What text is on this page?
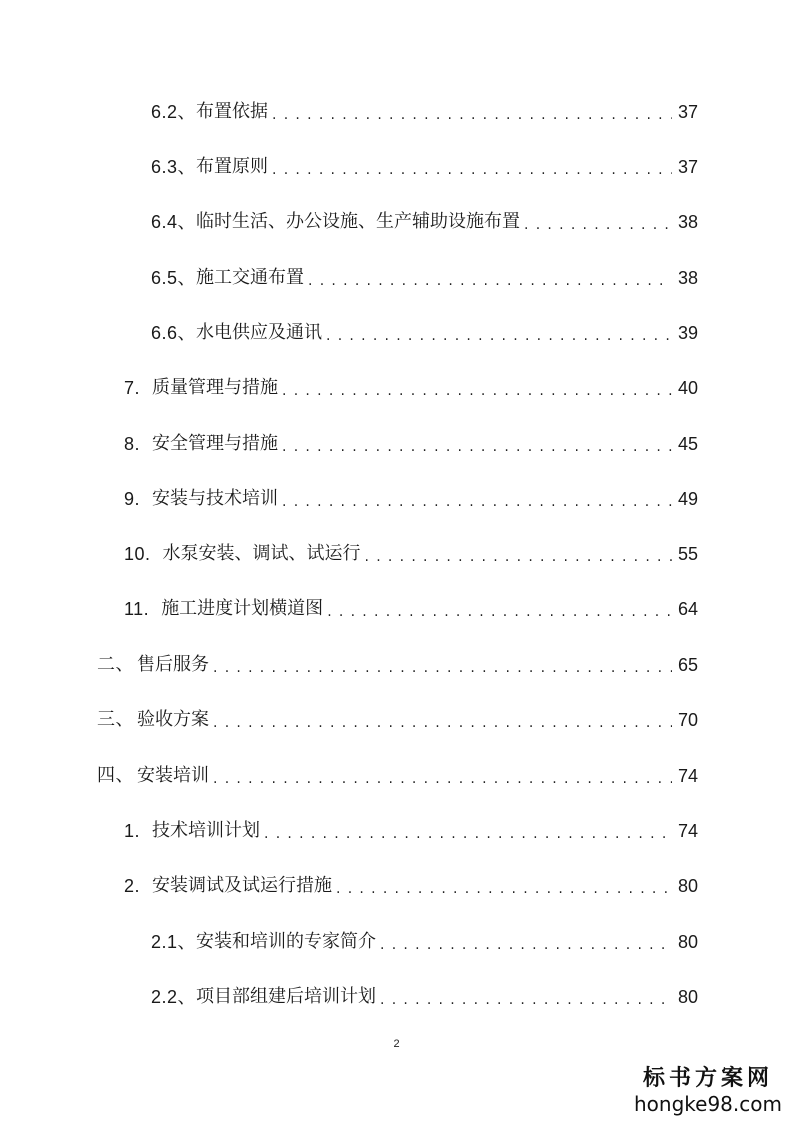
6.2、 布置依据 . . .	37
6.3、 布置原则 . . .	37
6.4、 临时生活、办公设施、生产辅助设施布置 . . .	38
6.5、 施工交通布置 . . .	38
6.6、 水电供应及通讯 . . .	39
7. 质量管理与措施 . . .	40
8. 安全管理与措施 . . .	45
9. 安装与技术培训 . . .	49
10. 水泵安装、调试、试运行 . . .	55
11. 施工进度计划横道图 . . .	64
二、 售后服务 . . .	65
三、 验收方案 . . .	70
四、 安装培训 . . .	74
1. 技术培训计划 . . .	74
2. 安装调试及试运行措施 . . .	80
2.1、 安装和培训的专家简介 . . .	80
2.2、 项目部组建后培训计划 . . .	80
2
标书方案网
hongke98.com
